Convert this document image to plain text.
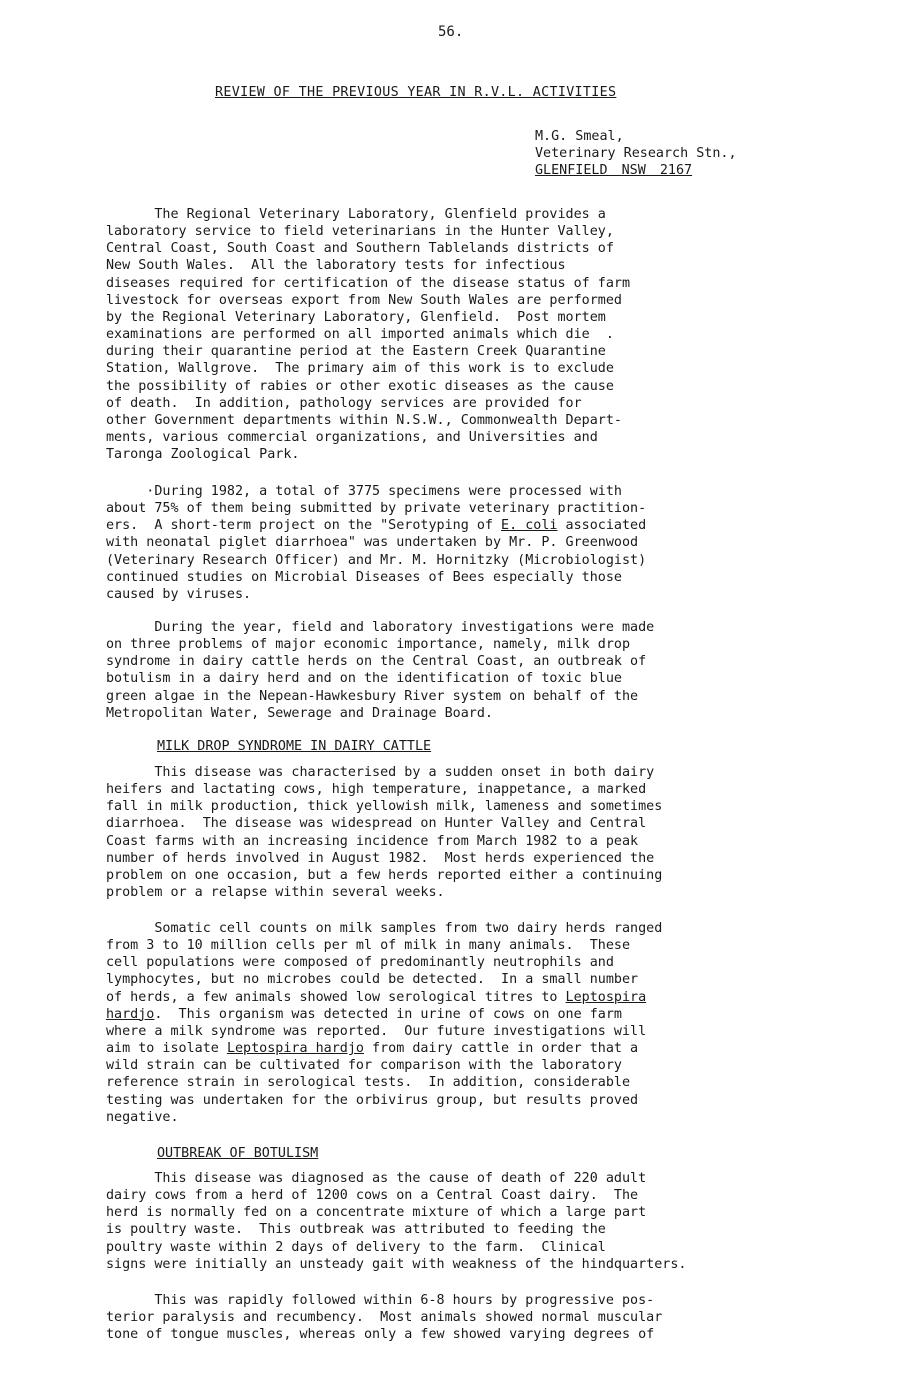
56.
REVIEW OF THE PREVIOUS YEAR IN R.V.L. ACTIVITIES
M.G. Smeal,
Veterinary Research Stn.,
GLENFIELD NSW 2167
The Regional Veterinary Laboratory, Glenfield provides a
laboratory service to field veterinarians in the Hunter Valley,
Central Coast, South Coast and Southern Tablelands districts of
New South Wales.  All the laboratory tests for infectious
diseases required for certification of the disease status of farm
livestock for overseas export from New South Wales are performed
by the Regional Veterinary Laboratory, Glenfield.  Post mortem
examinations are performed on all imported animals which die  .
during their quarantine period at the Eastern Creek Quarantine
Station, Wallgrove.  The primary aim of this work is to exclude
the possibility of rabies or other exotic diseases as the cause
of death.  In addition, pathology services are provided for
other Government departments within N.S.W., Commonwealth Depart-
ments, various commercial organizations, and Universities and
Taronga Zoological Park.
·During 1982, a total of 3775 specimens were processed with
about 75% of them being submitted by private veterinary practition-
ers.  A short-term project on the "Serotyping of E. coli associated
with neonatal piglet diarrhoea" was undertaken by Mr. P. Greenwood
(Veterinary Research Officer) and Mr. M. Hornitzky (Microbiologist)
continued studies on Microbial Diseases of Bees especially those
caused by viruses.
During the year, field and laboratory investigations were made
on three problems of major economic importance, namely, milk drop
syndrome in dairy cattle herds on the Central Coast, an outbreak of
botulism in a dairy herd and on the identification of toxic blue
green algae in the Nepean-Hawkesbury River system on behalf of the
Metropolitan Water, Sewerage and Drainage Board.
MILK DROP SYNDROME IN DAIRY CATTLE
This disease was characterised by a sudden onset in both dairy
heifers and lactating cows, high temperature, inappetance, a marked
fall in milk production, thick yellowish milk, lameness and sometimes
diarrhoea.  The disease was widespread on Hunter Valley and Central
Coast farms with an increasing incidence from March 1982 to a peak
number of herds involved in August 1982.  Most herds experienced the
problem on one occasion, but a few herds reported either a continuing
problem or a relapse within several weeks.
Somatic cell counts on milk samples from two dairy herds ranged
from 3 to 10 million cells per ml of milk in many animals.  These
cell populations were composed of predominantly neutrophils and
lymphocytes, but no microbes could be detected.  In a small number
of herds, a few animals showed low serological titres to Leptospira
hardjo.  This organism was detected in urine of cows on one farm
where a milk syndrome was reported.  Our future investigations will
aim to isolate Leptospira hardjo from dairy cattle in order that a
wild strain can be cultivated for comparison with the laboratory
reference strain in serological tests.  In addition, considerable
testing was undertaken for the orbivirus group, but results proved
negative.
OUTBREAK OF BOTULISM
This disease was diagnosed as the cause of death of 220 adult
dairy cows from a herd of 1200 cows on a Central Coast dairy.  The
herd is normally fed on a concentrate mixture of which a large part
is poultry waste.  This outbreak was attributed to feeding the
poultry waste within 2 days of delivery to the farm.  Clinical
signs were initially an unsteady gait with weakness of the hindquarters.
This was rapidly followed within 6-8 hours by progressive pos-
terior paralysis and recumbency.  Most animals showed normal muscular
tone of tongue muscles, whereas only a few showed varying degrees of
